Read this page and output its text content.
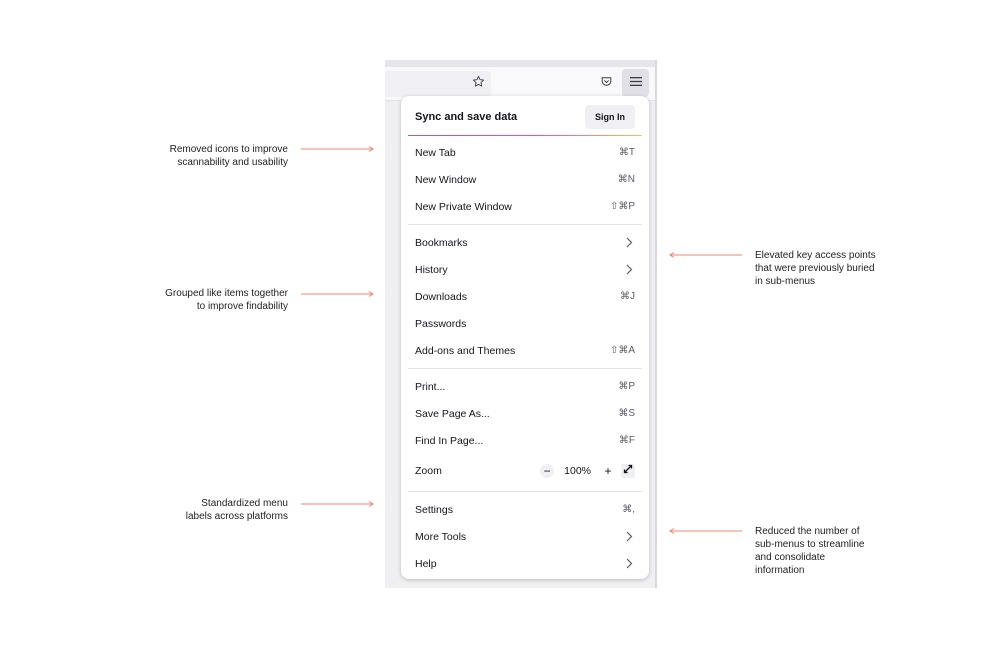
Sync and save data	Sign In
New Tab	⌘T
New Window	⌘N
New Private Window	⇧⌘P
Bookmarks
History
Downloads	⌘J
Passwords
Add-ons and Themes	⇧⌘A
Print...	⌘P
Save Page As...	⌘S
Find In Page...	⌘F
Zoom	−	100%	+
Settings	⌘,
More Tools
Help
Removed icons to improve
scannability and usability
Grouped like items together
to improve findability
Standardized menu
labels across platforms
Elevated key access points
that were previously buried
in sub-menus
Reduced the number of
sub-menus to streamline
and consolidate
information
